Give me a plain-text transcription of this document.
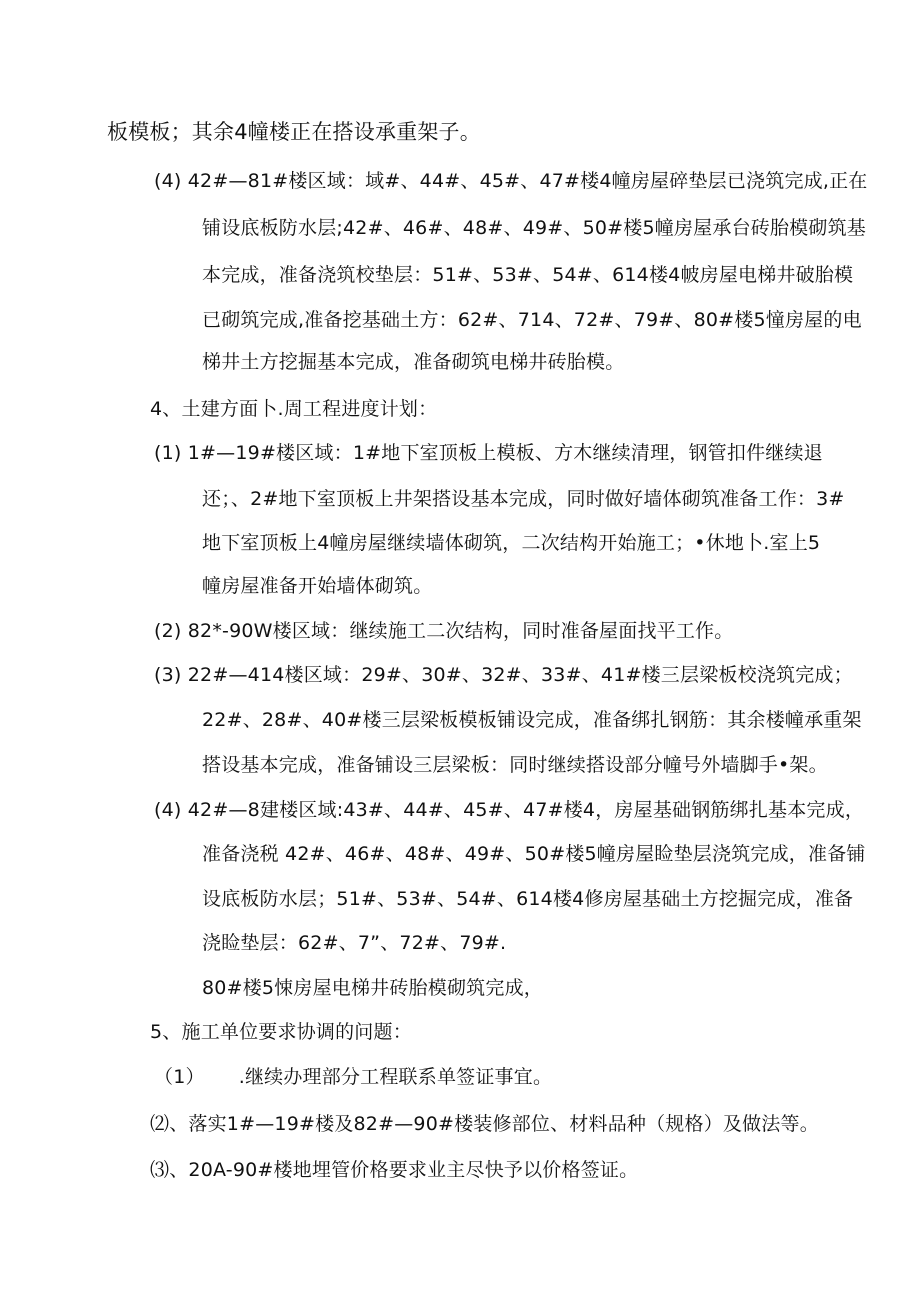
板模板；其余4幢楼正在搭设承重架子。
(4) 42#—81#楼区域：域#、44#、45#、47#楼4幢房屋碎垫层已浇筑完成,正在
铺设底板防水层;42#、46#、48#、49#、50#楼5幢房屋承台砖胎模砌筑基
本完成，准备浇筑校垫层：51#、53#、54#、614楼4帔房屋电梯井破胎模
已砌筑完成,准备挖基础土方：62#、714、72#、79#、80#楼5憧房屋的电
梯井土方挖掘基本完成，准备砌筑电梯井砖胎模。
4、土建方面卜.周工程进度计划：
(1) 1#—19#楼区域：1#地下室顶板上模板、方木继续清理，钢管扣件继续退
还；、2#地下室顶板上井架搭设基本完成，同时做好墙体砌筑准备工作：3#
地下室顶板上4幢房屋继续墙体砌筑，二次结构开始施工；•休地卜.室上5
幢房屋准备开始墙体砌筑。
(2) 82*-90W楼区域：继续施工二次结构，同时准备屋面找平工作。
(3) 22#—414楼区域：29#、30#、32#、33#、41#楼三层梁板校浇筑完成；
22#、28#、40#楼三层梁板模板铺设完成，准备绑扎钢筋：其余楼幢承重架
搭设基本完成，准备铺设三层梁板：同时继续搭设部分幢号外墙脚手•架。
(4) 42#—8建楼区域:43#、44#、45#、47#楼4，房屋基础钢筋绑扎基本完成，
准备浇税 42#、46#、48#、49#、50#楼5幢房屋睑垫层浇筑完成，准备铺
设底板防水层；51#、53#、54#、614楼4修房屋基础土方挖掘完成，准备
浇睑垫层：62#、7”、72#、79#.
80#楼5悚房屋电梯井砖胎模砌筑完成，
5、施工单位要求协调的问题：
（1） .继续办理部分工程联系单签证事宜。
⑵、落实1#—19#楼及82#—90#楼装修部位、材料品种（规格）及做法等。
⑶、20A-90#楼地埋管价格要求业主尽快予以价格签证。
